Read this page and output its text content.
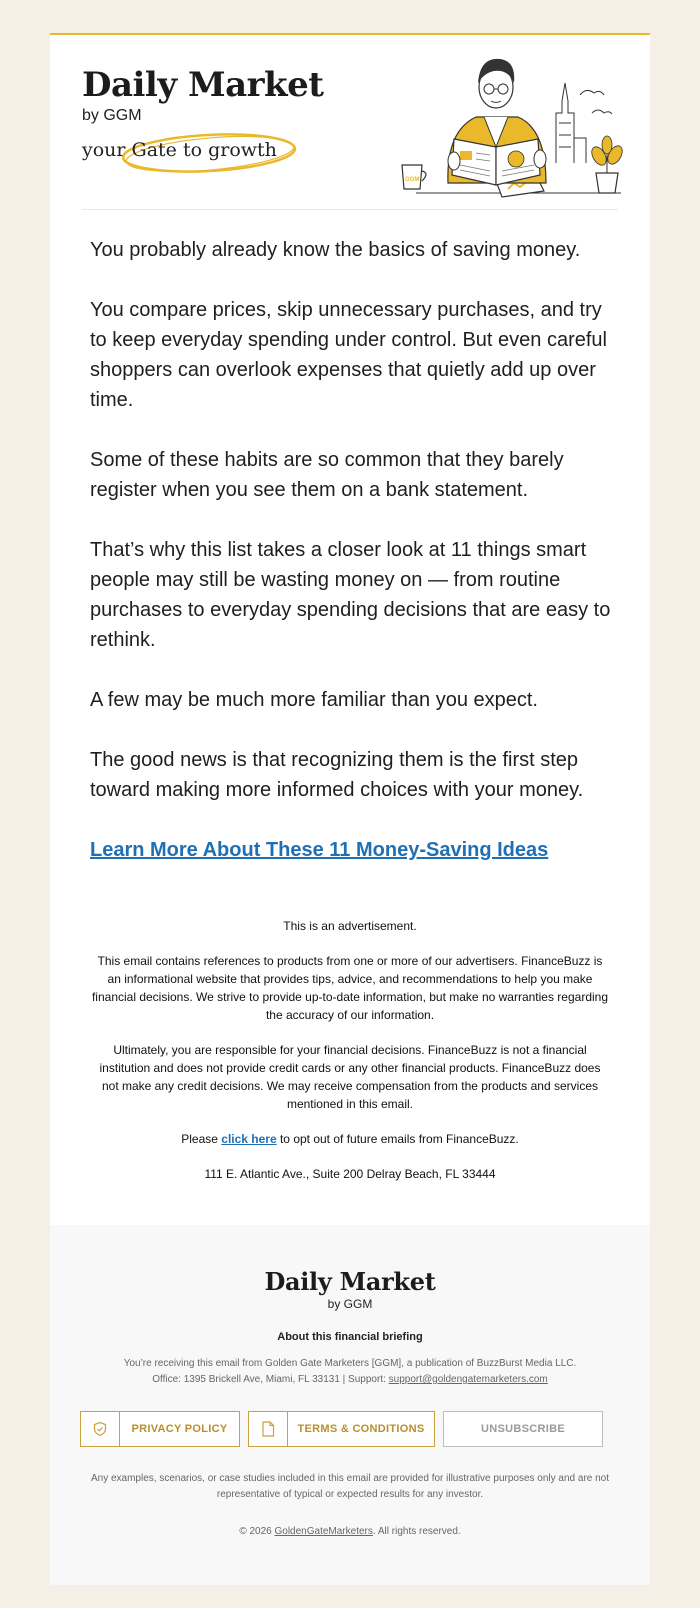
Daily Market
by GGM
your Gate to growth
GGM

You probably already know the basics of saving money.

You compare prices, skip unnecessary purchases, and try to keep everyday spending under control. But even careful shoppers can overlook expenses that quietly add up over time.

Some of these habits are so common that they barely register when you see them on a bank statement.

That’s why this list takes a closer look at 11 things smart people may still be wasting money on — from routine purchases to everyday spending decisions that are easy to rethink.

A few may be much more familiar than you expect.

The good news is that recognizing them is the first step toward making more informed choices with your money.

Learn More About These 11 Money-Saving Ideas

This is an advertisement.

This email contains references to products from one or more of our advertisers. FinanceBuzz is an informational website that provides tips, advice, and recommendations to help you make financial decisions. We strive to provide up-to-date information, but make no warranties regarding the accuracy of our information.

Ultimately, you are responsible for your financial decisions. FinanceBuzz is not a financial institution and does not provide credit cards or any other financial products. FinanceBuzz does not make any credit decisions. We may receive compensation from the products and services mentioned in this email.

Please click here to opt out of future emails from FinanceBuzz.

111 E. Atlantic Ave., Suite 200 Delray Beach, FL 33444

Daily Market
by GGM
About this financial briefing
You’re receiving this email from Golden Gate Marketers [GGM], a publication of BuzzBurst Media LLC.
Office: 1395 Brickell Ave, Miami, FL 33131 | Support: support@goldengatemarketers.com
PRIVACY POLICY	TERMS & CONDITIONS	UNSUBSCRIBE
Any examples, scenarios, or case studies included in this email are provided for illustrative purposes only and are not representative of typical or expected results for any investor.
© 2026 GoldenGateMarketers. All rights reserved.
